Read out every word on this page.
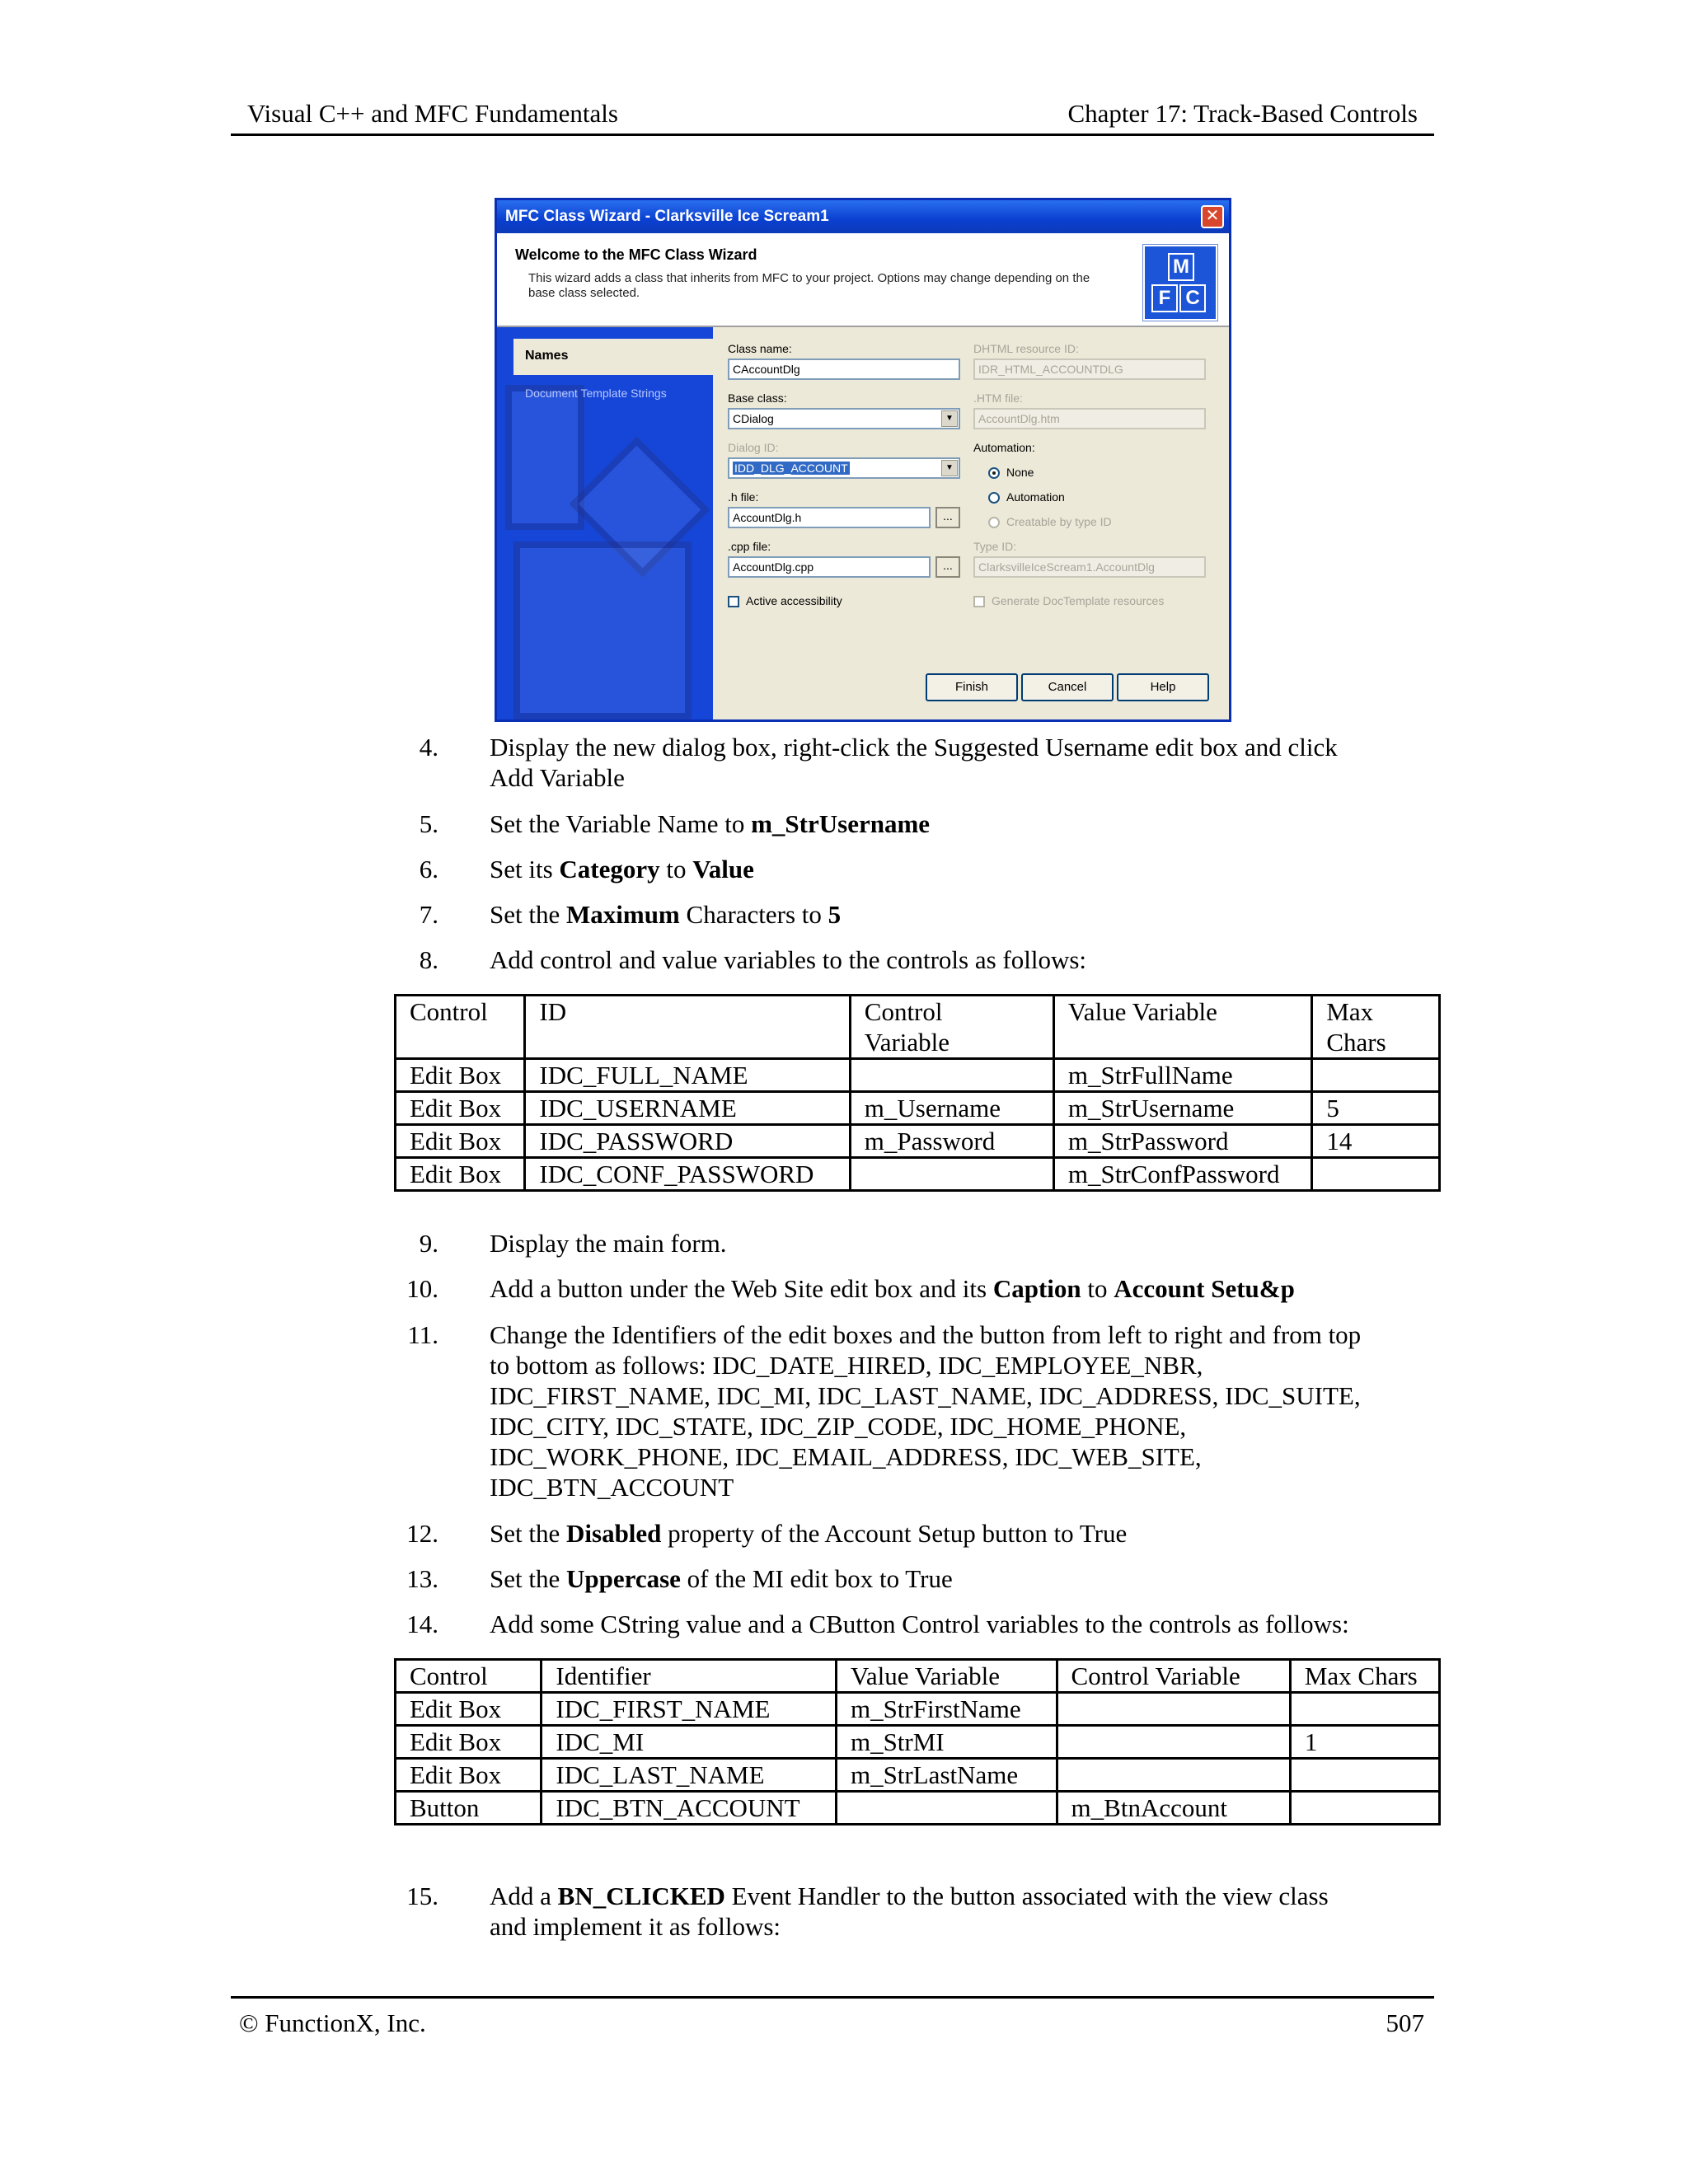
Visual C++ and MFC Fundamentals	Chapter 17: Track-Based Controls
MFC Class Wizard - Clarksville Ice Scream1	✕
Welcome to the MFC Class Wizard
This wizard adds a class that inherits from MFC to your project. Options may change depending on the base class selected.
M
F C
Names
Document Template Strings
Class name:
CAccountDlg
Base class:
CDialog	▼
Dialog ID:
IDD_DLG_ACCOUNT	▼
.h file:
AccountDlg.h	...
.cpp file:
AccountDlg.cpp	...
Active accessibility
DHTML resource ID:
IDR_HTML_ACCOUNTDLG
.HTM file:
AccountDlg.htm
Automation:
None
Automation
Creatable by type ID
Type ID:
ClarksvilleIceScream1.AccountDlg
Generate DocTemplate resources
Finish	Cancel	Help
4. Display the new dialog box, right-click the Suggested Username edit box and click
Add Variable
5. Set the Variable Name to m_StrUsername
6. Set its Category to Value
7. Set the Maximum Characters to 5
8. Add control and value variables to the controls as follows:
Control	ID	Control Variable	Value Variable	Max Chars
Edit Box	IDC_FULL_NAME		m_StrFullName	
Edit Box	IDC_USERNAME	m_Username	m_StrUsername	5
Edit Box	IDC_PASSWORD	m_Password	m_StrPassword	14
Edit Box	IDC_CONF_PASSWORD		m_StrConfPassword	
9. Display the main form.
10. Add a button under the Web Site edit box and its Caption to Account Setu&p
11. Change the Identifiers of the edit boxes and the button from left to right and from top
to bottom as follows: IDC_DATE_HIRED, IDC_EMPLOYEE_NBR,
IDC_FIRST_NAME, IDC_MI, IDC_LAST_NAME, IDC_ADDRESS, IDC_SUITE,
IDC_CITY, IDC_STATE, IDC_ZIP_CODE, IDC_HOME_PHONE,
IDC_WORK_PHONE, IDC_EMAIL_ADDRESS, IDC_WEB_SITE,
IDC_BTN_ACCOUNT
12. Set the Disabled property of the Account Setup button to True
13. Set the Uppercase of the MI edit box to True
14. Add some CString value and a CButton Control variables to the controls as follows:
Control	Identifier	Value Variable	Control Variable	Max Chars
Edit Box	IDC_FIRST_NAME	m_StrFirstName		
Edit Box	IDC_MI	m_StrMI		1
Edit Box	IDC_LAST_NAME	m_StrLastName		
Button	IDC_BTN_ACCOUNT		m_BtnAccount	
15. Add a BN_CLICKED Event Handler to the button associated with the view class
and implement it as follows:
© FunctionX, Inc.	507
